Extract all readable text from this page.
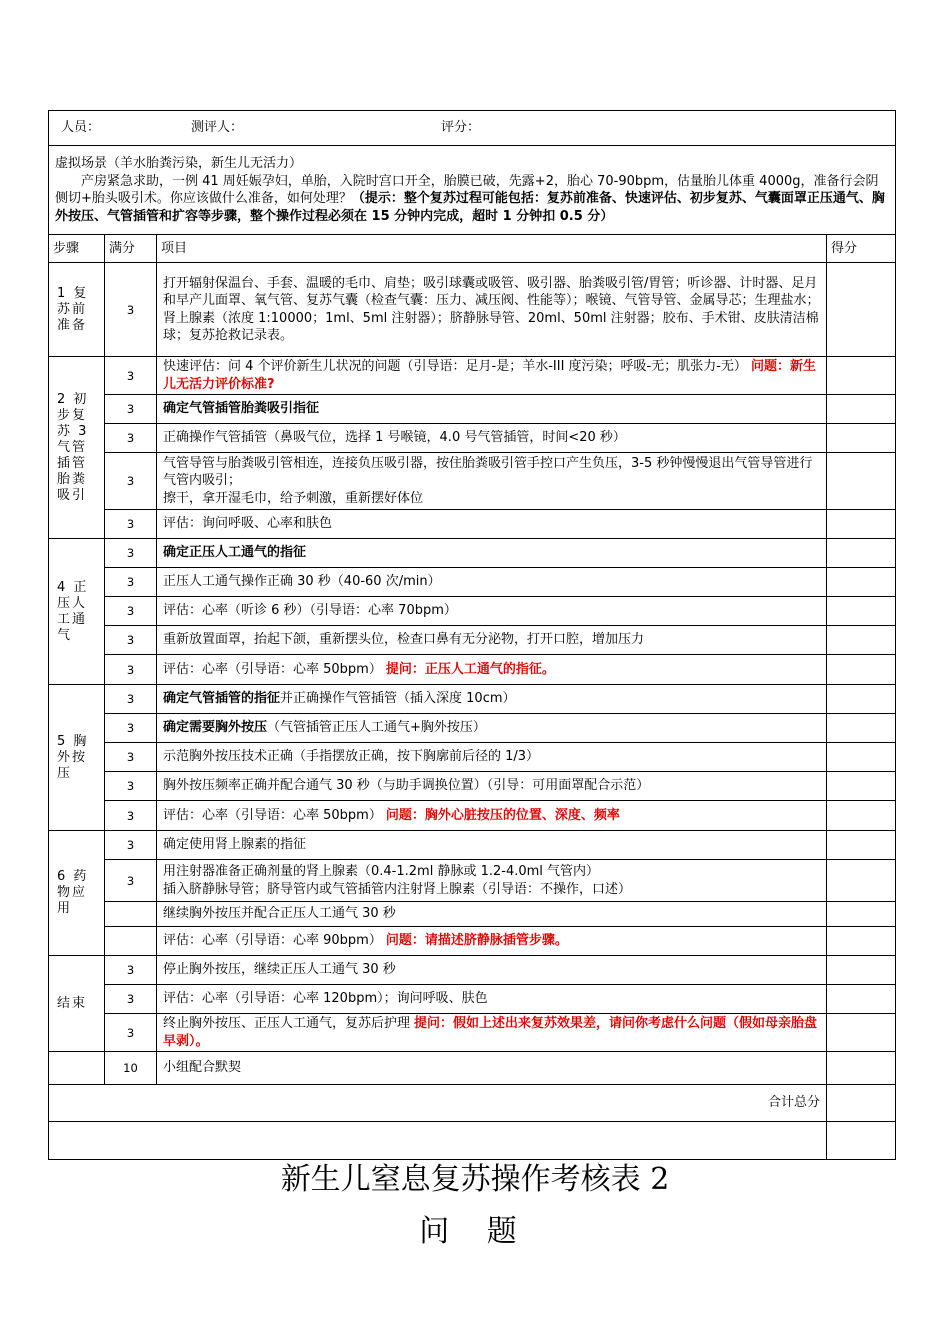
人员： 测评人： 评分：			

虚拟场景（羊水胎粪污染，新生儿无活力）
产房紧急求助，一例 41 周妊娠孕妇，单胎，入院时宫口开全，胎膜已破，先露+2，胎心 70-90bpm，估量胎儿体重 4000g，准备行会阴侧切+胎头吸引术。你应该做什么准备，如何处理？（提示：整个复苏过程可能包括：复苏前准备、快速评估、初步复苏、气囊面罩正压通气、胸外按压、气管插管和扩容等步骤，整个操作过程必须在 15 分钟内完成，超时 1 分钟扣 0.5 分）			

步骤	满分	项目	得分
1 复苏前准备	3	打开辐射保温台、手套、温暖的毛巾、肩垫；吸引球囊或吸管、吸引器、胎粪吸引管/胃管；听诊器、计时器、足月和早产儿面罩、氧气管、复苏气囊（检查气囊：压力、减压阀、性能等）；喉镜、气管导管、金属导芯；生理盐水；肾上腺素（浓度 1:10000；1ml、5ml 注射器）；脐静脉导管、20ml、50ml 注射器；胶布、手术钳、皮肤清洁棉球；复苏抢救记录表。	
2 初步复苏 3 气管插管胎粪吸引	3	快速评估：问 4 个评价新生儿状况的问题（引导语：足月-是；羊水-III 度污染；呼吸-无；肌张力-无） 问题：新生儿无活力评价标准?	
	3	确定气管插管胎粪吸引指征	
	3	正确操作气管插管（鼻吸气位，选择 1 号喉镜，4.0 号气管插管，时间<20 秒）	
	3	气管导管与胎粪吸引管相连，连接负压吸引器，按住胎粪吸引管手控口产生负压，3-5 秒钟慢慢退出气管导管进行气管内吸引；
擦干，拿开湿毛巾，给予刺激，重新摆好体位	
	3	评估：询问呼吸、心率和肤色	
4 正压人工通气	3	确定正压人工通气的指征	
	3	正压人工通气操作正确 30 秒（40-60 次/min）	
	3	评估：心率（听诊 6 秒）（引导语：心率 70bpm）	
	3	重新放置面罩，抬起下颌，重新摆头位，检查口鼻有无分泌物，打开口腔，增加压力	
	3	评估：心率（引导语：心率 50bpm） 提问：正压人工通气的指征。	
5 胸外按压	3	确定气管插管的指征并正确操作气管插管（插入深度 10cm）	
	3	确定需要胸外按压（气管插管正压人工通气+胸外按压）	
	3	示范胸外按压技术正确（手指摆放正确，按下胸廓前后径的 1/3）	
	3	胸外按压频率正确并配合通气 30 秒（与助手调换位置）（引导：可用面罩配合示范）	
	3	评估：心率（引导语：心率 50bpm） 问题：胸外心脏按压的位置、深度、频率	
6 药物应用	3	确定使用肾上腺素的指征	
	3	用注射器准备正确剂量的肾上腺素（0.4-1.2ml 静脉或 1.2-4.0ml 气管内）
插入脐静脉导管；脐导管内或气管插管内注射肾上腺素（引导语：不操作，口述）	
		继续胸外按压并配合正压人工通气 30 秒	
		评估：心率（引导语：心率 90bpm） 问题：请描述脐静脉插管步骤。	
结束	3	停止胸外按压，继续正压人工通气 30 秒	
	3	评估：心率（引导语：心率 120bpm）；询问呼吸、肤色	
	3	终止胸外按压、正压人工通气，复苏后护理 提问：假如上述出来复苏效果差，请问你考虑什么问题（假如母亲胎盘早剥）。	
	10	小组配合默契	
合计总分			

新生儿窒息复苏操作考核表 2
问 题
